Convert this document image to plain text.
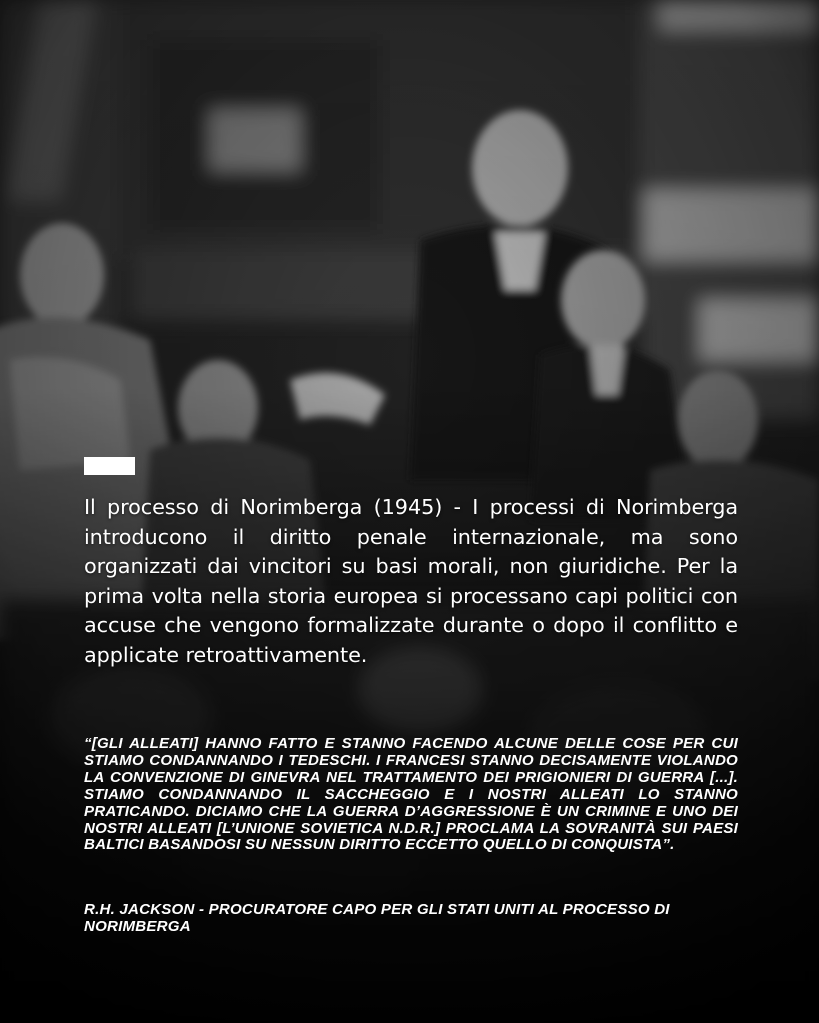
Il processo di Norimberga (1945) - I processi di Norimberga introducono il diritto penale internazionale, ma sono organizzati dai vincitori su basi morali, non giuridiche. Per la prima volta nella storia europea si processano capi politici con accuse che vengono formalizzate durante o dopo il conflitto e applicate retroattivamente.

“[GLI ALLEATI] HANNO FATTO E STANNO FACENDO ALCUNE DELLE COSE PER CUI STIAMO CONDANNANDO I TEDESCHI. I FRANCESI STANNO DECISAMENTE VIOLANDO LA CONVENZIONE DI GINEVRA NEL TRATTAMENTO DEI PRIGIONIERI DI GUERRA [...]. STIAMO CONDANNANDO IL SACCHEGGIO E I NOSTRI ALLEATI LO STANNO PRATICANDO. DICIAMO CHE LA GUERRA D’AGGRESSIONE È UN CRIMINE E UNO DEI NOSTRI ALLEATI [L’UNIONE SOVIETICA N.D.R.] PROCLAMA LA SOVRANITÀ SUI PAESI BALTICI BASANDOSI SU NESSUN DIRITTO ECCETTO QUELLO DI CONQUISTA”.

R.H. JACKSON - PROCURATORE CAPO PER GLI STATI UNITI AL PROCESSO DI NORIMBERGA
